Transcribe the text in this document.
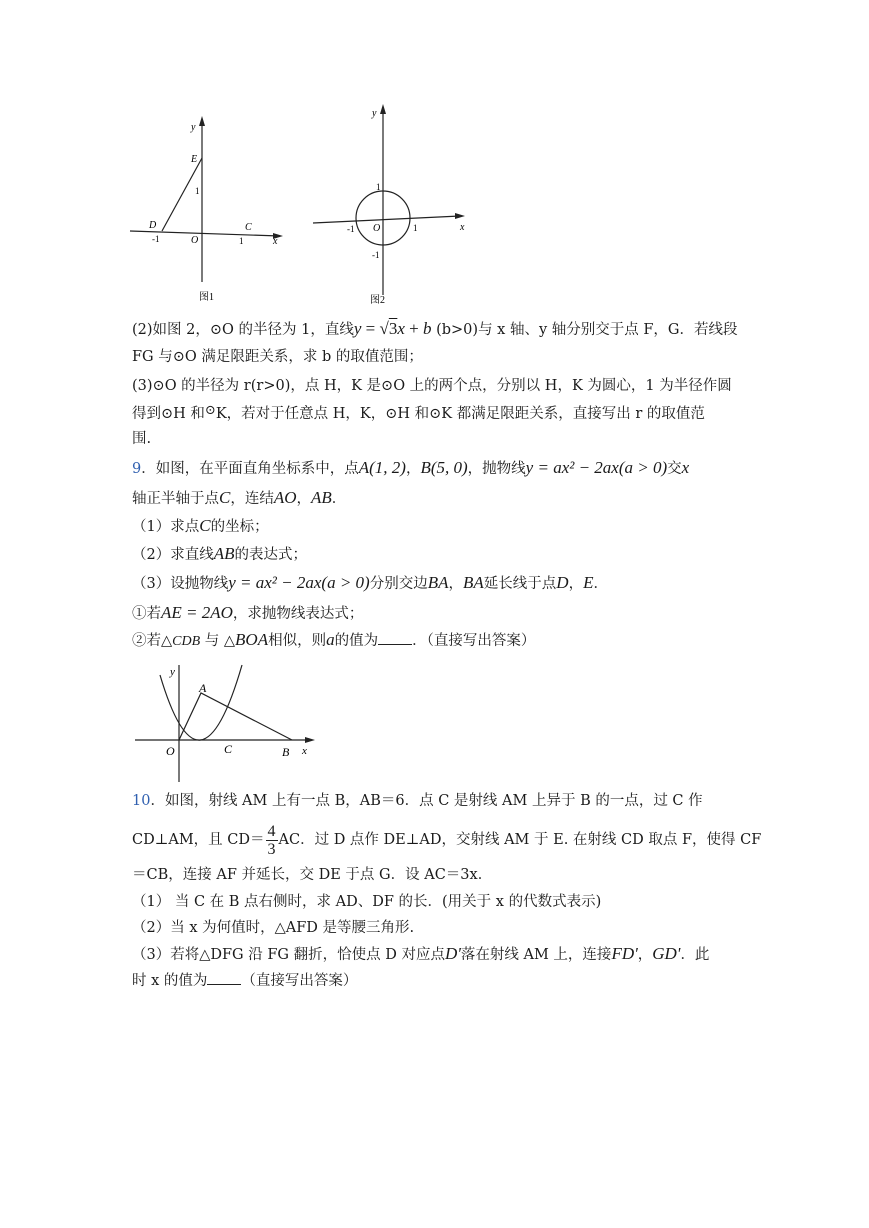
y
x
E
1
D	C
-1	O	1
图1
y
x
1
-1 O	1
-1
图2
(2)如图 2，⊙O 的半径为 1，直线y = √3x + b (b>0)与 x 轴、y 轴分别交于点 F，G．若线段
FG 与⊙O 满足限距关系，求 b 的取值范围；
(3)⊙O 的半径为 r(r>0)，点 H，K 是⊙O 上的两个点，分别以 H，K 为圆心，1 为半径作圆
得到⊙H 和⊙K，若对于任意点 H，K，⊙H 和⊙K 都满足限距关系，直接写出 r 的取值范
围.
9．如图，在平面直角坐标系中，点A(1, 2)，B(5, 0)，抛物线y = ax² − 2ax(a > 0)交x
轴正半轴于点C，连结AO，AB．
（1）求点C的坐标；
（2）求直线AB的表达式；
（3）设抛物线y = ax² − 2ax(a > 0)分别交边BA，BA延长线于点D，E．
①若AE = 2AO，求抛物线表达式；
②若△CDB 与 △BOA相似，则a的值为 ．（直接写出答案）
y
A
O	C	B x
10．如图，射线 AM 上有一点 B，AB＝6．点 C 是射线 AM 上异于 B 的一点，过 C 作
CD⊥AM，且 $CD= \frac{4}{3}$ AC．过 D 点作 DE⊥AD，交射线 AM 于 E. 在射线 CD 取点 F，使得 CF
＝CB，连接 AF 并延长，交 DE 于点 G．设 AC＝3x．
（1） 当 C 在 B 点右侧时，求 AD、DF 的长．(用关于 x 的代数式表示)
（2）当 x 为何值时，△AFD 是等腰三角形.
（3）若将△DFG 沿 FG 翻折，恰使点 D 对应点D'落在射线 AM 上，连接FD'，GD'．此
时 x 的值为 （直接写出答案）
